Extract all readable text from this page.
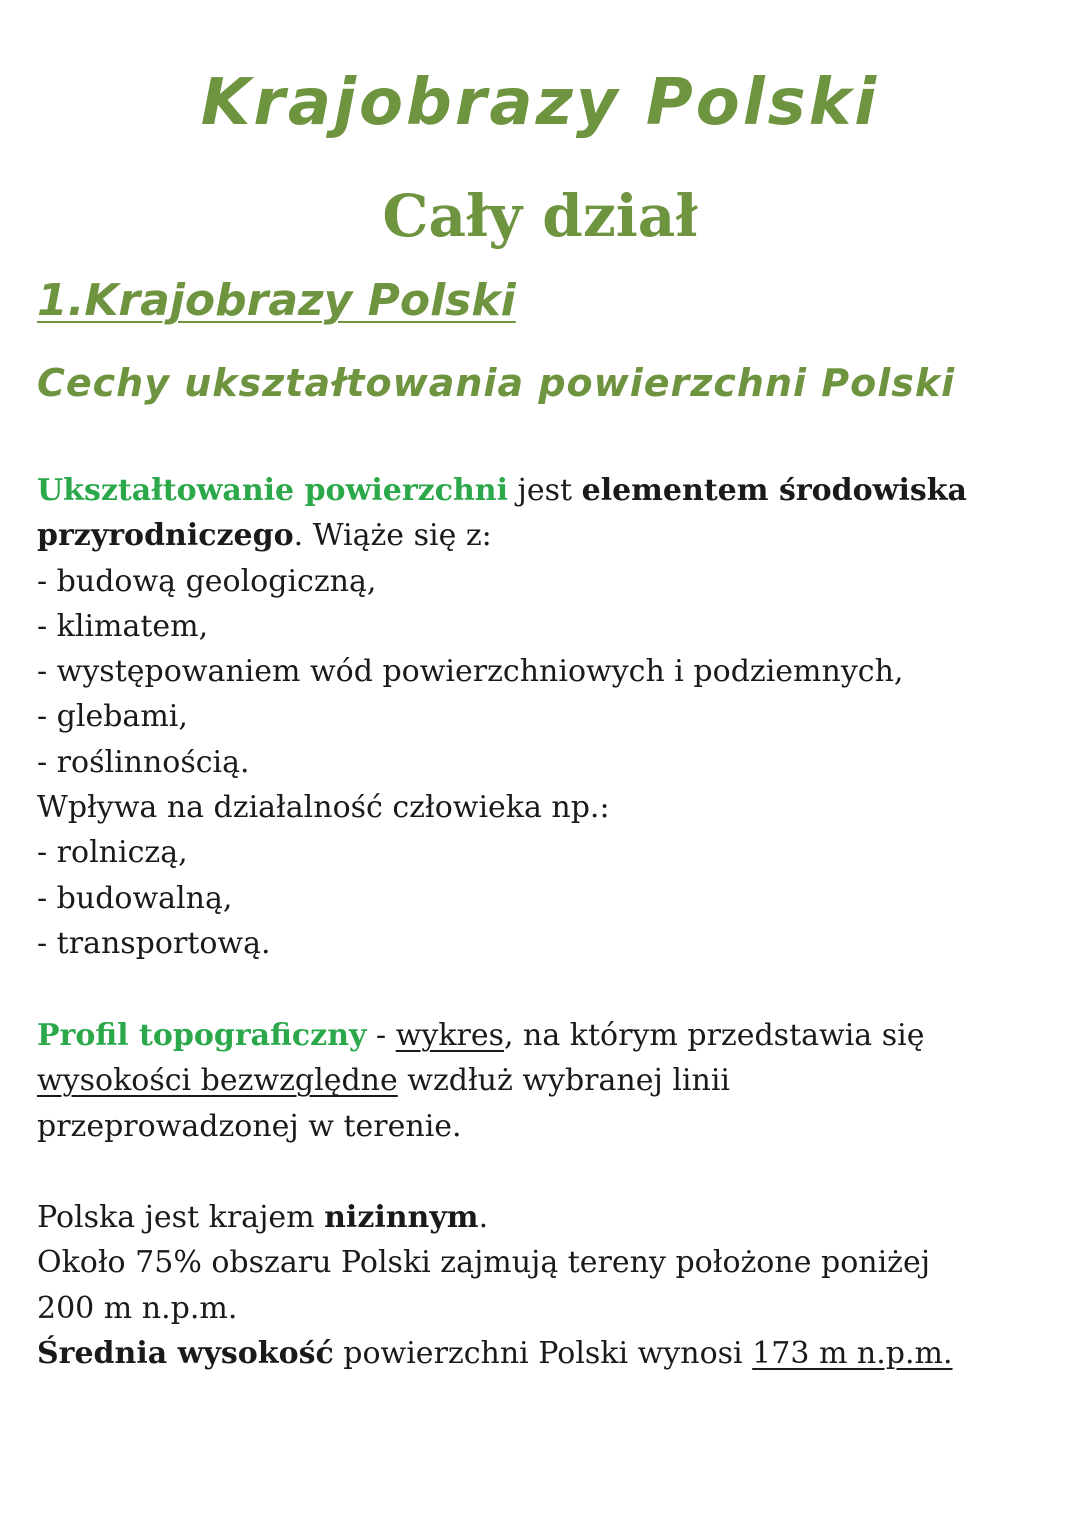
Krajobrazy Polski
Cały dział
1.Krajobrazy Polski
Cechy ukształtowania powierzchni Polski
Ukształtowanie powierzchni jest elementem środowiska
przyrodniczego. Wiąże się z:
- budową geologiczną,
- klimatem,
- występowaniem wód powierzchniowych i podziemnych,
- glebami,
- roślinnością.
Wpływa na działalność człowieka np.:
- rolniczą,
- budowalną,
- transportową.
Profil topograficzny - wykres, na którym przedstawia się
wysokości bezwzględne wzdłuż wybranej linii
przeprowadzonej w terenie.
Polska jest krajem nizinnym.
Około 75% obszaru Polski zajmują tereny położone poniżej
200 m n.p.m.
Średnia wysokość powierzchni Polski wynosi 173 m n.p.m.
